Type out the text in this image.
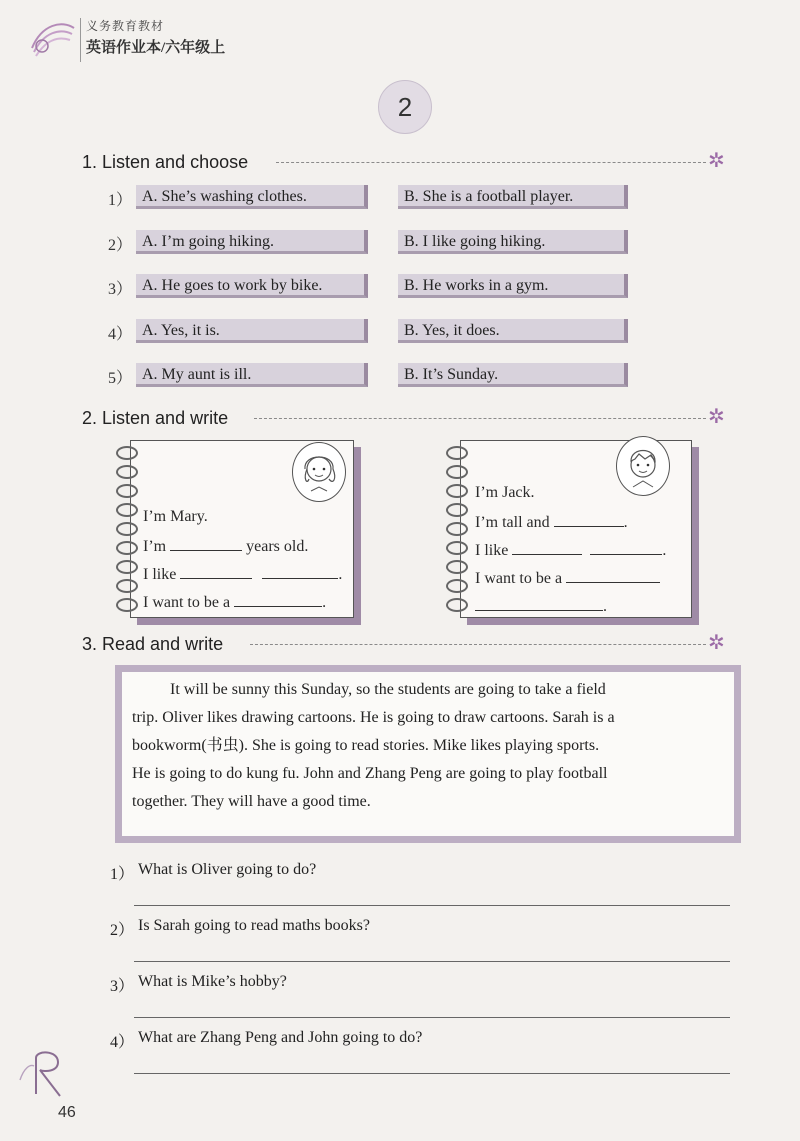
义务教育教材
英语作业本/六年级上
2
1. Listen and choose	✲
1） A. She’s washing clothes.	B. She is a football player.
2） A. I’m going hiking.	B. I like going hiking.
3） A. He goes to work by bike.	B. He works in a gym.
4） A. Yes, it is.	B. Yes, it does.
5） A. My aunt is ill.	B. It’s Sunday.
2. Listen and write	✲
I’m Mary.
I’m	years old.
I like	.
I want to be a	.
I’m Jack.
I’m tall and	.
I like	.
I want to be a
.
3. Read and write	✲
It will be sunny this Sunday, so the students are going to take a field
trip. Oliver likes drawing cartoons. He is going to draw cartoons. Sarah is a
bookworm(书虫). She is going to read stories. Mike likes playing sports.
He is going to do kung fu. John and Zhang Peng are going to play football
together. They will have a good time.
1） What is Oliver going to do?
2） Is Sarah going to read maths books?
3） What is Mike’s hobby?
4） What are Zhang Peng and John going to do?
46
